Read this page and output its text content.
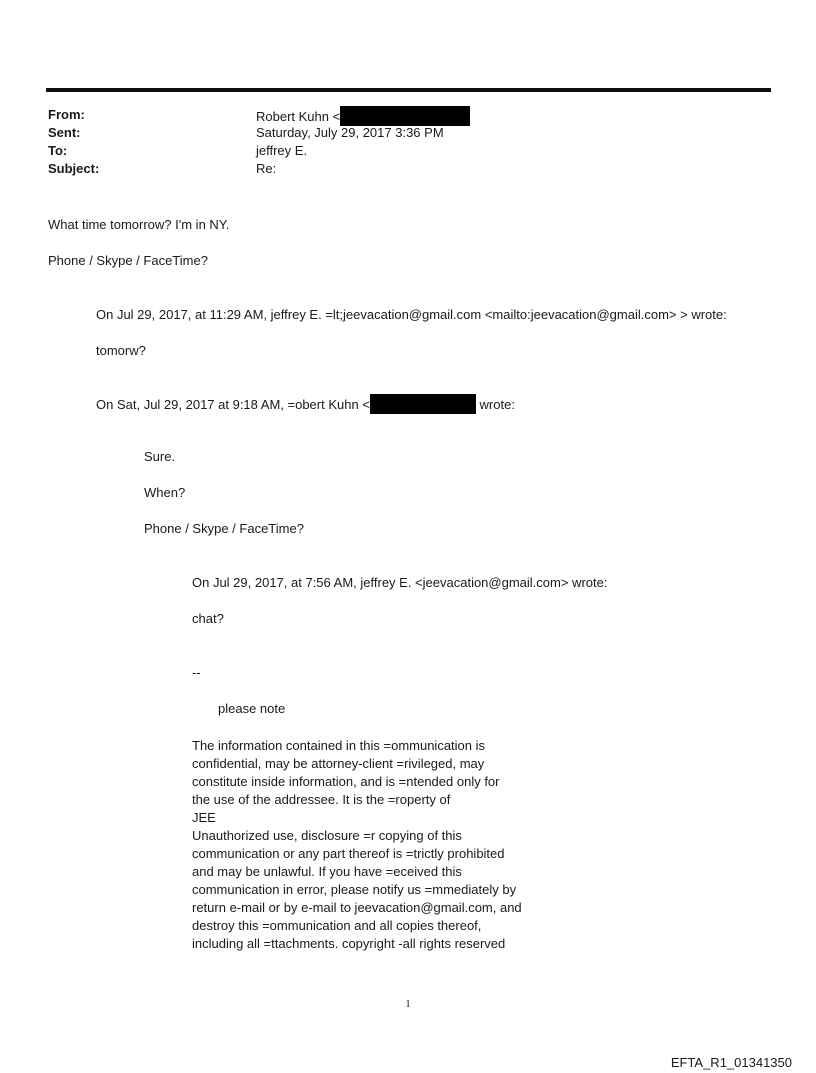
From:	Robert Kuhn <
Sent:	Saturday, July 29, 2017 3:36 PM
To:	jeffrey E.
Subject:	Re:
What time tomorrow? I'm in NY.
Phone / Skype / FaceTime?
On Jul 29, 2017, at 11:29 AM, jeffrey E. =lt;jeevacation@gmail.com <mailto:jeevacation@gmail.com> > wrote:
tomorw?
On Sat, Jul 29, 2017 at 9:18 AM, =obert Kuhn <	wrote:
Sure.
When?
Phone / Skype / FaceTime?
On Jul 29, 2017, at 7:56 AM, jeffrey E. <jeevacation@gmail.com> wrote:
chat?
--
please note
The information contained in this =ommunication is
confidential, may be attorney-client =rivileged, may
constitute inside information, and is =ntended only for
the use of the addressee. It is the =roperty of
JEE
Unauthorized use, disclosure =r copying of this
communication or any part thereof is =trictly prohibited
and may be unlawful. If you have =eceived this
communication in error, please notify us =mmediately by
return e-mail or by e-mail to jeevacation@gmail.com, and
destroy this =ommunication and all copies thereof,
including all =ttachments. copyright -all rights reserved
1
EFTA_R1_01341350
